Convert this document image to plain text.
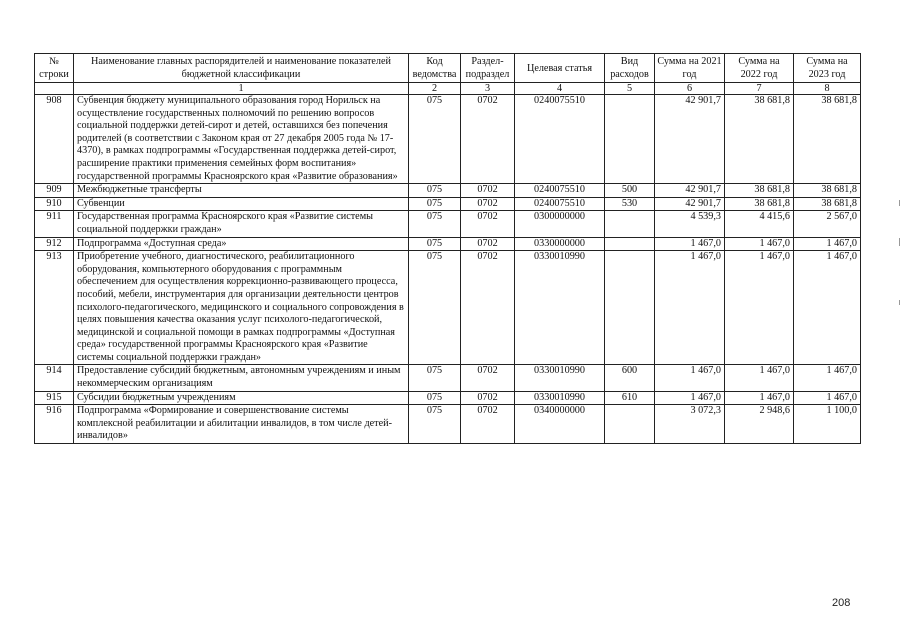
№ строки	Наименование главных распорядителей и наименование показателей бюджетной классификации	Код ведомства	Раздел-подраздел	Целевая статья	Вид расходов	Сумма на 2021 год	Сумма на 2022 год	Сумма на 2023 год
	1	2	3	4	5	6	7	8
908	Субвенция бюджету муниципального образования город Норильск на осуществление государственных полномочий по решению вопросов социальной поддержки детей-сирот и детей, оставшихся без попечения родителей (в соответствии с Законом края от 27 декабря 2005 года № 17-4370), в рамках подпрограммы «Государственная поддержка детей-сирот, расширение практики применения семейных форм воспитания» государственной программы Красноярского края «Развитие образования»	075	0702	0240075510		42 901,7	38 681,8	38 681,8
909	Межбюджетные трансферты	075	0702	0240075510	500	42 901,7	38 681,8	38 681,8
910	Субвенции	075	0702	0240075510	530	42 901,7	38 681,8	38 681,8
911	Государственная программа Красноярского края «Развитие системы социальной поддержки граждан»	075	0702	0300000000		4 539,3	4 415,6	2 567,0
912	Подпрограмма «Доступная среда»	075	0702	0330000000		1 467,0	1 467,0	1 467,0
913	Приобретение учебного, диагностического, реабилитационного оборудования, компьютерного оборудования с программным обеспечением для осуществления коррекционно-развивающего процесса, пособий, мебели, инструментария для организации деятельности центров психолого-педагогического, медицинского и социального сопровождения в целях повышения качества оказания услуг психолого-педагогической, медицинской и социальной помощи в рамках подпрограммы «Доступная среда» государственной программы Красноярского края «Развитие системы социальной поддержки граждан»	075	0702	0330010990		1 467,0	1 467,0	1 467,0
914	Предоставление субсидий бюджетным, автономным учреждениям и иным некоммерческим организациям	075	0702	0330010990	600	1 467,0	1 467,0	1 467,0
915	Субсидии бюджетным учреждениям	075	0702	0330010990	610	1 467,0	1 467,0	1 467,0
916	Подпрограмма «Формирование и совершенствование системы комплексной реабилитации и абилитации инвалидов, в том числе детей-инвалидов»	075	0702	0340000000		3 072,3	2 948,6	1 100,0
208
